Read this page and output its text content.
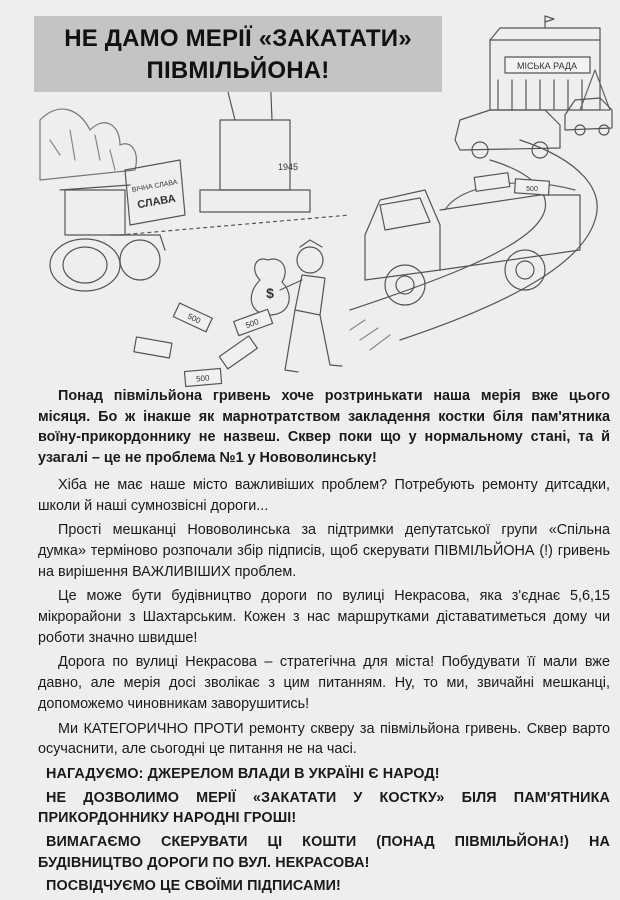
МІСЬКА РАДА
ВІЧНА СЛАВА
СЛАВА
1945
$
500	500
500
500
НЕ ДАМО МЕРІЇ «ЗАКАТАТИ»
ПІВМІЛЬЙОНА!

Понад півмільйона гривень хоче розтринькати наша мерія вже цього місяця. Бо ж інакше як марнотратством закладення костки біля пам'ятника воїну-прикордоннику не назвеш. Сквер поки що у нормальному стані, та й узагалі – це не проблема №1 у Нововолинську!

Хіба не має наше місто важливіших проблем? Потребують ремонту дитсадки, школи й наші сумнозвісні дороги...

Прості мешканці Нововолинська за підтримки депутатської групи «Спільна думка» терміново розпочали збір підписів, щоб скерувати ПІВМІЛЬЙОНА (!) гривень на вирішення ВАЖЛИВІШИХ проблем.

Це може бути будівництво дороги по вулиці Некрасова, яка з'єднає 5,6,15 мікрорайони з Шахтарським. Кожен з нас маршрутками діставатиметься дому чи роботи значно швидше!

Дорога по вулиці Некрасова – стратегічна для міста! Побудувати її мали вже давно, але мерія досі зволікає з цим питанням. Ну, то ми, звичайні мешканці, допоможемо чиновникам заворушитись!

Ми КАТЕГОРИЧНО ПРОТИ ремонту скверу за півмільйона гривень. Сквер варто осучаснити, але сьогодні це питання не на часі.

НАГАДУЄМО: ДЖЕРЕЛОМ ВЛАДИ В УКРАЇНІ Є НАРОД!

НЕ ДОЗВОЛИМО МЕРІЇ «ЗАКАТАТИ У КОСТКУ» БІЛЯ ПАМ'ЯТНИКА ПРИКОРДОННИКУ НАРОДНІ ГРОШІ!

ВИМАГАЄМО СКЕРУВАТИ ЦІ КОШТИ (ПОНАД ПІВМІЛЬЙОНА!) НА БУДІВНИЦТВО ДОРОГИ ПО ВУЛ. НЕКРАСОВА!

ПОСВІДЧУЄМО ЦЕ СВОЇМИ ПІДПИСАМИ!
